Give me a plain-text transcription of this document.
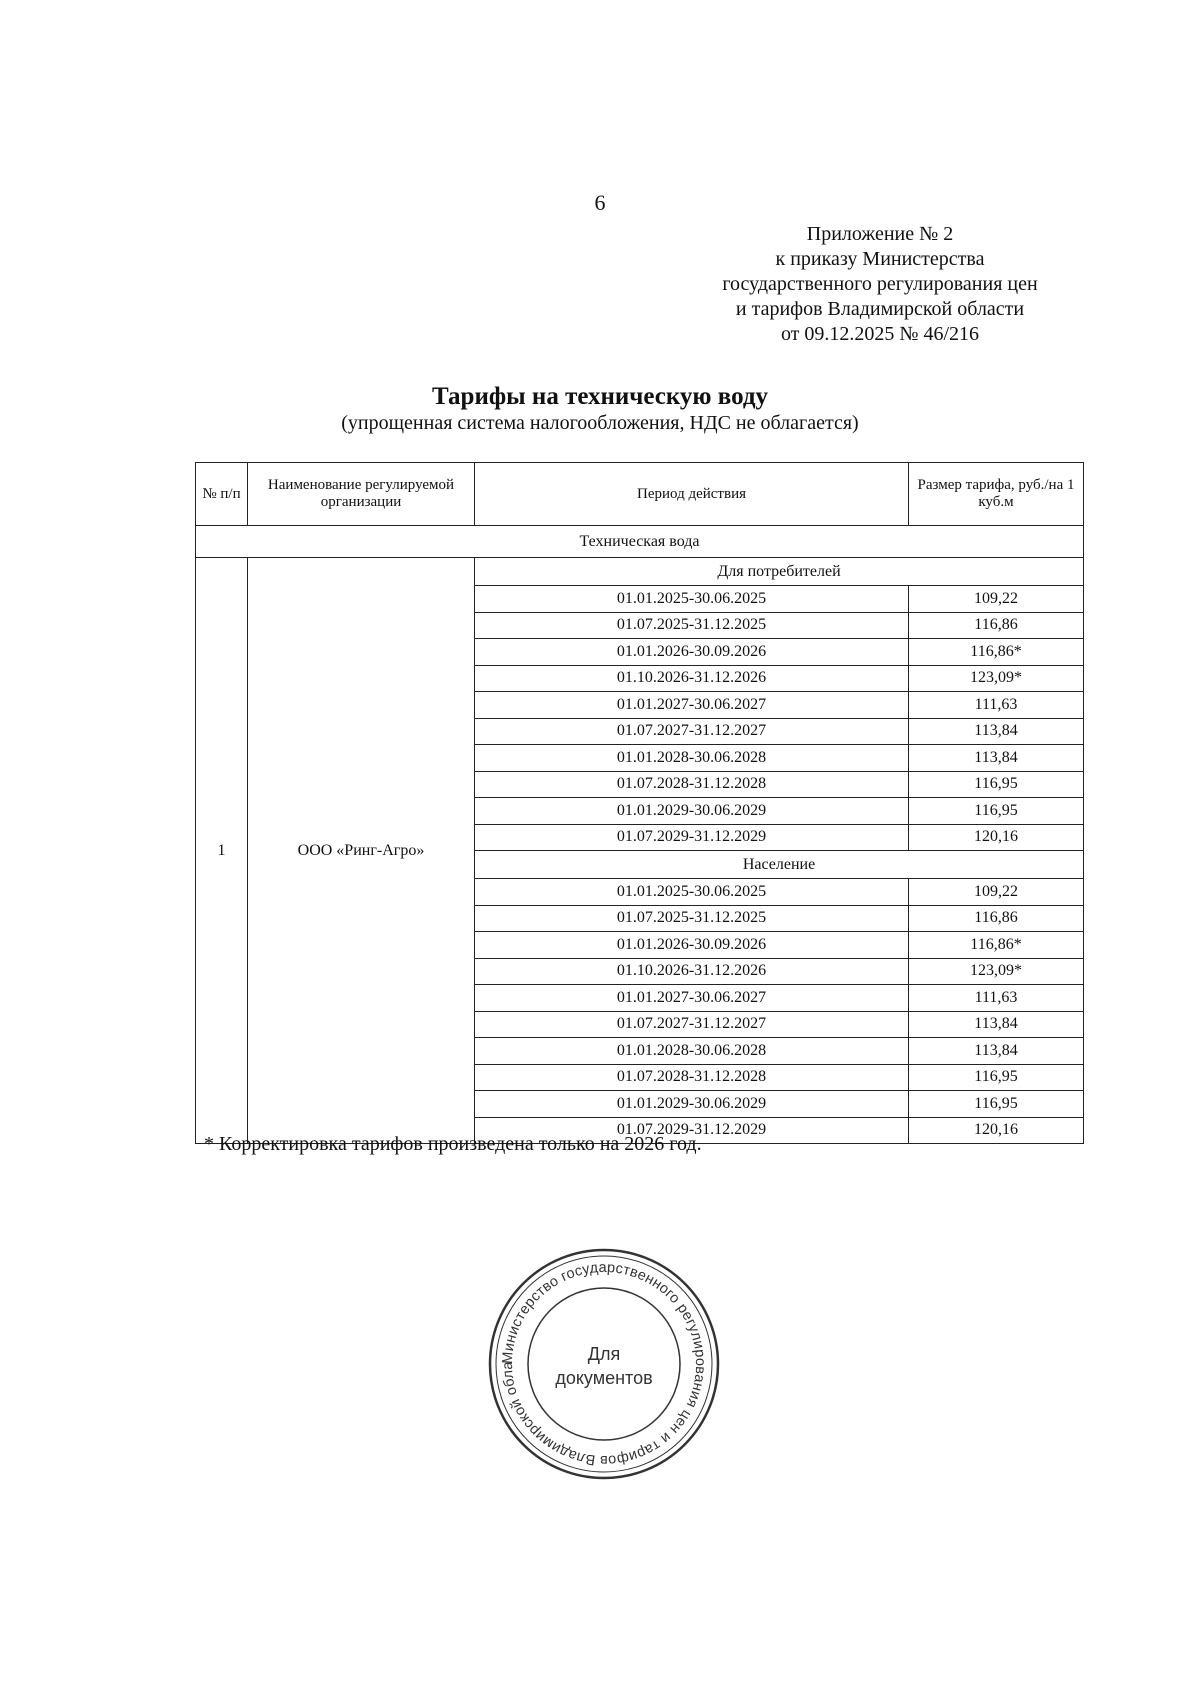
6
Приложение № 2
к приказу Министерства
государственного регулирования цен
и тарифов Владимирской области
от 09.12.2025 № 46/216
Тарифы на техническую воду
(упрощенная система налогообложения, НДС не облагается)
№ п/п	Наименование регулируемой организации	Период действия	Размер тарифа, руб./на 1 куб.м
Техническая вода			
1	ООО «Ринг-Агро»	Для потребителей	
		01.01.2025-30.06.2025	109,22
		01.07.2025-31.12.2025	116,86
		01.01.2026-30.09.2026	116,86*
		01.10.2026-31.12.2026	123,09*
		01.01.2027-30.06.2027	111,63
		01.07.2027-31.12.2027	113,84
		01.01.2028-30.06.2028	113,84
		01.07.2028-31.12.2028	116,95
		01.01.2029-30.06.2029	116,95
		01.07.2029-31.12.2029	120,16
		Население	
		01.01.2025-30.06.2025	109,22
		01.07.2025-31.12.2025	116,86
		01.01.2026-30.09.2026	116,86*
		01.10.2026-31.12.2026	123,09*
		01.01.2027-30.06.2027	111,63
		01.07.2027-31.12.2027	113,84
		01.01.2028-30.06.2028	113,84
		01.07.2028-31.12.2028	116,95
		01.01.2029-30.06.2029	116,95
		01.07.2029-31.12.2029	120,16
* Корректировка тарифов произведена только на 2026 год.
Министерство государственного регулирования цен и тарифов Владимирской обла
Для
документов
